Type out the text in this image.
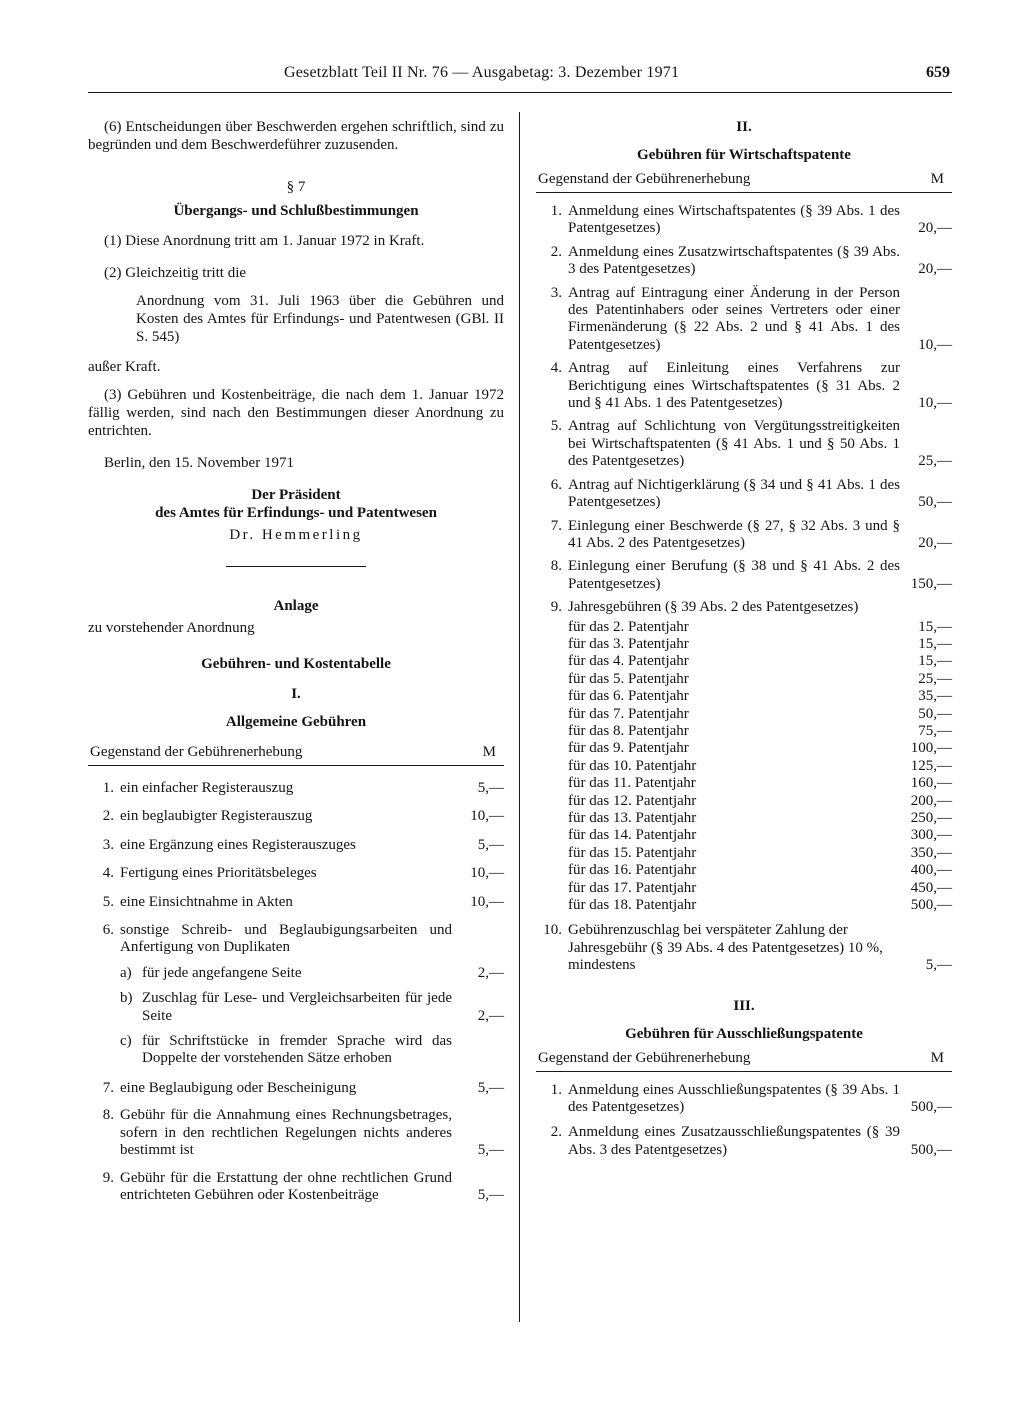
Gesetzblatt Teil II Nr. 76 — Ausgabetag: 3. Dezember 1971	659

(6) Entscheidungen über Beschwerden ergehen schriftlich, sind zu begründen und dem Beschwerdeführer zuzusenden.

§ 7

Übergangs- und Schlußbestimmungen

(1) Diese Anordnung tritt am 1. Januar 1972 in Kraft.

(2) Gleichzeitig tritt die

Anordnung vom 31. Juli 1963 über die Gebühren und Kosten des Amtes für Erfindungs- und Patentwesen (GBl. II S. 545)

außer Kraft.

(3) Gebühren und Kostenbeiträge, die nach dem 1. Januar 1972 fällig werden, sind nach den Bestimmungen dieser Anordnung zu entrichten.

Berlin, den 15. November 1971

Der Präsident

des Amtes für Erfindungs- und Patentwesen

Dr. Hemmerling

Anlage

zu vorstehender Anordnung

Gebühren- und Kostentabelle

I.

Allgemeine Gebühren

Gegenstand der Gebührenerhebung	M
1. ein einfacher Registerauszug	5,—
2. ein beglaubigter Registerauszug	10,—
3. eine Ergänzung eines Registerauszuges	5,—
4. Fertigung eines Prioritätsbeleges	10,—
5. eine Einsichtnahme in Akten	10,—
6. sonstige Schreib- und Beglaubigungsarbeiten und Anfertigung von Duplikaten
a) für jede angefangene Seite	2,—
b) Zuschlag für Lese- und Vergleichsarbeiten für jede Seite	2,—
c) für Schriftstücke in fremder Sprache wird das Doppelte der vorstehenden Sätze erhoben
7. eine Beglaubigung oder Bescheinigung	5,—
8. Gebühr für die Annahmung eines Rechnungsbetrages, sofern in den rechtlichen Regelungen nichts anderes bestimmt ist	5,—
9. Gebühr für die Erstattung der ohne rechtlichen Grund entrichteten Gebühren oder Kostenbeiträge	5,—

II.

Gebühren für Wirtschaftspatente

Gegenstand der Gebührenerhebung	M
1. Anmeldung eines Wirtschaftspatentes (§ 39 Abs. 1 des Patentgesetzes)	20,—
2. Anmeldung eines Zusatzwirtschaftspatentes (§ 39 Abs. 3 des Patentgesetzes)	20,—
3. Antrag auf Eintragung einer Änderung in der Person des Patentinhabers oder seines Vertreters oder einer Firmenänderung (§ 22 Abs. 2 und § 41 Abs. 1 des Patentgesetzes)	10,—
4. Antrag auf Einleitung eines Verfahrens zur Berichtigung eines Wirtschaftspatentes (§ 31 Abs. 2 und § 41 Abs. 1 des Patentgesetzes)	10,—
5. Antrag auf Schlichtung von Vergütungsstreitigkeiten bei Wirtschaftspatenten (§ 41 Abs. 1 und § 50 Abs. 1 des Patentgesetzes)	25,—
6. Antrag auf Nichtigerklärung (§ 34 und § 41 Abs. 1 des Patentgesetzes)	50,—
7. Einlegung einer Beschwerde (§ 27, § 32 Abs. 3 und § 41 Abs. 2 des Patentgesetzes)	20,—
8. Einlegung einer Berufung (§ 38 und § 41 Abs. 2 des Patentgesetzes)	150,—
9. Jahresgebühren (§ 39 Abs. 2 des Patentgesetzes)
für das 2. Patentjahr	15,—
für das 3. Patentjahr	15,—
für das 4. Patentjahr	15,—
für das 5. Patentjahr	25,—
für das 6. Patentjahr	35,—
für das 7. Patentjahr	50,—
für das 8. Patentjahr	75,—
für das 9. Patentjahr	100,—
für das 10. Patentjahr	125,—
für das 11. Patentjahr	160,—
für das 12. Patentjahr	200,—
für das 13. Patentjahr	250,—
für das 14. Patentjahr	300,—
für das 15. Patentjahr	350,—
für das 16. Patentjahr	400,—
für das 17. Patentjahr	450,—
für das 18. Patentjahr	500,—
10. Gebührenzuschlag bei verspäteter Zahlung der Jahresgebühr (§ 39 Abs. 4 des Patentgesetzes) 10 %, mindestens	5,—

III.

Gebühren für Ausschließungspatente

Gegenstand der Gebührenerhebung	M
1. Anmeldung eines Ausschließungspatentes (§ 39 Abs. 1 des Patentgesetzes)	500,—
2. Anmeldung eines Zusatzausschließungspatentes (§ 39 Abs. 3 des Patentgesetzes)	500,—
